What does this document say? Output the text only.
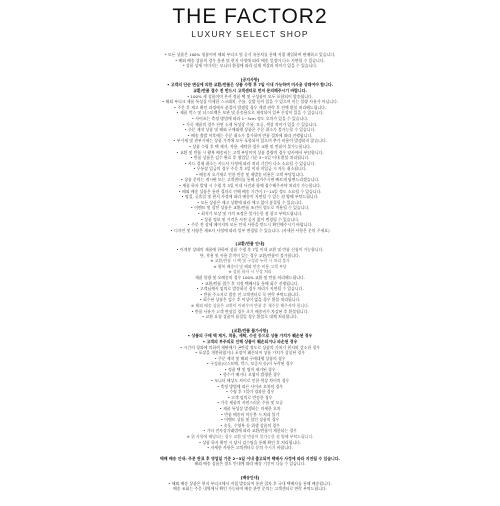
THE FACTOR2
LUXURY SELECT SHOP
* 모든 상품은 100% 정품이며 해외 부티크 및 공식 유통처를 통해 직접 매입하여 판매하고 있습니다.
* 해외 배송 상품의 경우 통관 및 현지 사정에 따라 배송 일정이 다소 지연될 수 있습니다.
* 상품 상세 이미지는 모니터 환경에 따라 실제 색상과 차이가 있을 수 있습니다.
[공지사항]
• 고객의 단순 변심에 의한 교환/반품은 상품 수령 후 7일 이내 가능하며 미사용 상태여야 합니다.
교환/반품 접수 전 반드시 고객센터로 먼저 문의해주시기 바랍니다.
• 100% 새 상품이며 본사 정품 택 및 구성품이 모두 포함되어 발송됩니다.
• 해외 부티크 제품 특성상 미세한 스크래치, 주름, 실밥 등이 있을 수 있으며 이는 불량 사유가 아닙니다.
• 주문 후 재고 확인 과정에서 품절이 발생할 경우 개별 연락 후 전액 환불 처리해드립니다.
• 제품 박스 및 더스트백은 보관 및 운송용으로 제작되어 일부 손상이 있을 수 있습니다.
• 사이즈는 측정 방법에 따라 1~3cm 정도 오차가 있을 수 있습니다.
• 가죽 제품의 경우 천연 소재 특성상 주름, 모공, 색상 차이가 있을 수 있습니다.
• 주문 제작 상품 및 해외 구매대행 상품은 주문 취소가 불가능할 수 있습니다.
• 배송 출발 이후에는 주문 취소가 불가하며 반품 절차에 따라 진행됩니다.
• 부가세 및 관부가세는 상품 가격에 모두 포함되어 있으며 추가 비용이 발생하지 않습니다.
• 상품 수령 후 택 제거, 착용, 세탁한 경우 교환 및 반품이 불가능합니다.
• 교환 및 반품 시 왕복 배송비는 고객 부담이며 상품 불량의 경우 당사에서 부담합니다.
• 반품 상품은 검수 완료 후 영업일 기준 3~5일 이내 환불 처리됩니다.
• 카드 결제 취소는 카드사 사정에 따라 처리 기간이 다소 소요될 수 있습니다.
• 무통장 입금의 경우 주문 후 3일 이내 미입금 시 자동 취소됩니다.
• 배송지 오기재로 인한 반송 및 재발송 비용은 고객 부담입니다.
• 상품 문의는 게시판 또는 고객센터를 통해 남겨주시면 빠르게 답변드리겠습니다.
• 제품 하자 발생 시 수령 후 3일 이내 사진과 함께 접수해주셔야 처리가 가능합니다.
• 해외 배송 상품은 통관 절차로 인해 배송 기간이 7~14일 정도 소요될 수 있습니다.
• 명절, 공휴일 및 현지 사정에 따라 배송이 지연될 수 있는 점 양해 부탁드립니다.
• 모든 상품은 재고 상황에 따라 예고 없이 품절될 수 있습니다.
• 이벤트 및 할인 상품은 교환/반품 조건이 별도로 적용될 수 있습니다.
• 최저가 보상 및 가격 조정은 불가능한 점 참고 부탁드립니다.
• 상품 정보 및 가격은 사전 공지 없이 변경될 수 있습니다.
• 주문 전 상세 페이지의 모든 안내 사항을 반드시 확인해주시기 바랍니다.
• 디자인 및 사양은 제조사 사정에 따라 일부 변경될 수 있습니다. (자세한 사항은 문의 주세요)
[교환/반품 안내]
• 미개봉 상태의 제품에 한하여 상품 수령 후 7일 이내 교환 및 반품 신청이 가능합니다.
단, 착용 및 사용 흔적이 있는 경우 교환/반품이 불가합니다.
※ 교환/반품 시 택 및 구성품 누락 시 처리 불가
※ 왕복 배송비 및 해외 반송 비용 고객 부담
※ 상품 하자 시 무상 처리
제품 불량 및 오배송의 경우 100% 교환 및 반품 처리해드립니다.
• 교환/반품 접수 후 지정 택배사를 통해 회수 진행됩니다.
• 고객님께서 임의로 발송하신 경우 처리가 지연될 수 있습니다.
• 반품 주소지로 발송 전 고객센터로 꼭 연락 부탁드립니다.
• 회수된 상품은 검수 후 이상이 없을 경우 환불 처리됩니다.
※ 해외 배송 상품은 교환이 어려우며 반품 후 재주문 해주셔야 합니다.
• 반품 사유가 고객 변심일 경우 초기 배송비가 차감된 후 환불됩니다.
• 교환 요청 상품이 품절일 경우 환불로 대체 처리됩니다.
[교환/반품 불가사항]
• 상품의 구매 택 제거, 착용, 세탁, 수선 등으로 상품 가치가 훼손된 경우
• 고객의 부주의로 인해 상품이 훼손되거나 파손된 경우
• 시간의 경과에 의하여 재판매가 곤란할 정도로 상품의 가치가 현저히 감소한 경우
• 포장을 개봉하였거나 포장이 훼손되어 상품 가치가 상실된 경우
• 주문 제작 및 해외 구매대행 상품의 경우
• 구성품(더스트백, 박스, 보증서 등)이 누락된 경우
• 정품 택 및 씰이 제거된 경우
• 향수가 배거나 오염이 발생한 경우
• 모니터 해상도 차이로 인한 색상 차이의 경우
• 측정 방법에 따른 사이즈 오차의 경우
• 수령 후 7일이 경과한 경우
• 고객 임의로 반송한 경우
• 가죽 제품의 자연스러운 주름 및 모공
• 제품 특성상 발생하는 미세한 오차
• 반품 배송비 미동봉 시 처리 불가
• 이벤트 상품 및 할인 상품의 경우
• 속옷, 수영복 등 위생 상품의 경우
• 기타 전자상거래법에 따라 교환/반품이 제한되는 경우
※ 위 사항에 해당되는 경우 교환 및 반품이 불가능한 점 양해 부탁드립니다.
• 상품 하자 확인 시 당사 검수팀을 통해 확인 후 처리됩니다.
• 자세한 사항은 고객센터로 문의 주시기 바랍니다.
택배 배송 안내: 주문 완료 후 영업일 기준 2~3일 이내 출고되며 택배사 사정에 따라 지연될 수 있습니다.
해외 배송 상품은 별도 안내에 따라 배송 기간이 다를 수 있습니다.
[배송안내]
• 해외 배송 상품은 현지 부티크에서 직접 발송되며 통관 절차 후 국내 택배사를 통해 배송됩니다.
배송 조회는 주문 내역에서 확인 가능하며 배송 관련 문의는 고객센터로 연락 부탁드립니다.
